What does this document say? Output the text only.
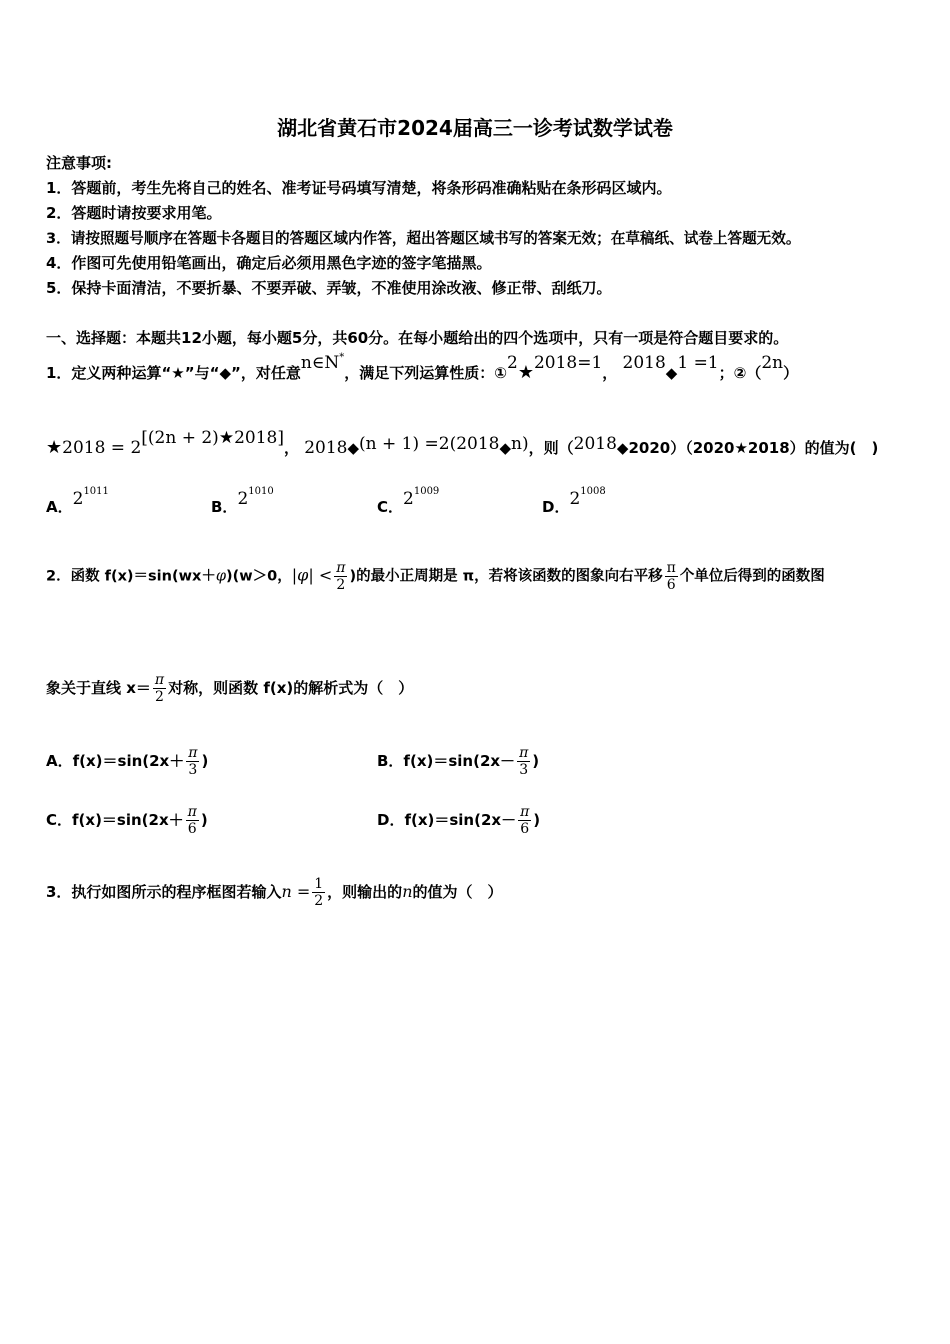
湖北省黄石市2024届高三一诊考试数学试卷
注意事项:
1．答题前，考生先将自己的姓名、准考证号码填写清楚，将条形码准确粘贴在条形码区域内。
2．答题时请按要求用笔。
3．请按照题号顺序在答题卡各题目的答题区域内作答，超出答题区域书写的答案无效；在草稿纸、试卷上答题无效。
4．作图可先使用铅笔画出，确定后必须用黑色字迹的签字笔描黑。
5．保持卡面清洁，不要折暴、不要弄破、弄皱，不准使用涂改液、修正带、刮纸刀。
一、选择题：本题共12小题，每小题5分，共60分。在每小题给出的四个选项中，只有一项是符合题目要求的。
1．定义两种运算“★”与“◆”，对任意n∈N*，满足下列运算性质：①2★2018=1， 2018◆1 =1；②（2n）
★2018 = 2[(2n + 2)★2018]， 2018◆(n + 1) =2(2018◆n)，则（2018◆2020）（2020★2018）的值为(　)
A．$2^{1011}$
B．$2^{1010}$
C．$2^{1009}$
D．$2^{1008}$
2．函数 f(x)＝sin(wx＋φ)(w＞0，$|\varphi| < \frac{\pi}{2}$ )的最小正周期是 π，若将该函数的图象向右平移 $\frac{\pi}{6}$ 个单位后得到的函数图
象关于直线 $x= \frac{\pi}{2}$ 对称，则函数 f(x)的解析式为（　）
A．$f(x)=\sin(2x+ \frac{\pi}{3}$ )	B．$f(x)=\sin(2x- \frac{\pi}{3}$ )
C．$f(x)=\sin(2x+ \frac{\pi}{6}$ )	D．$f(x)=\sin(2x- \frac{\pi}{6}$ )
3．执行如图所示的程序框图若输入$n = \frac{1}{2}$ ，则输出的n的值为（　）
